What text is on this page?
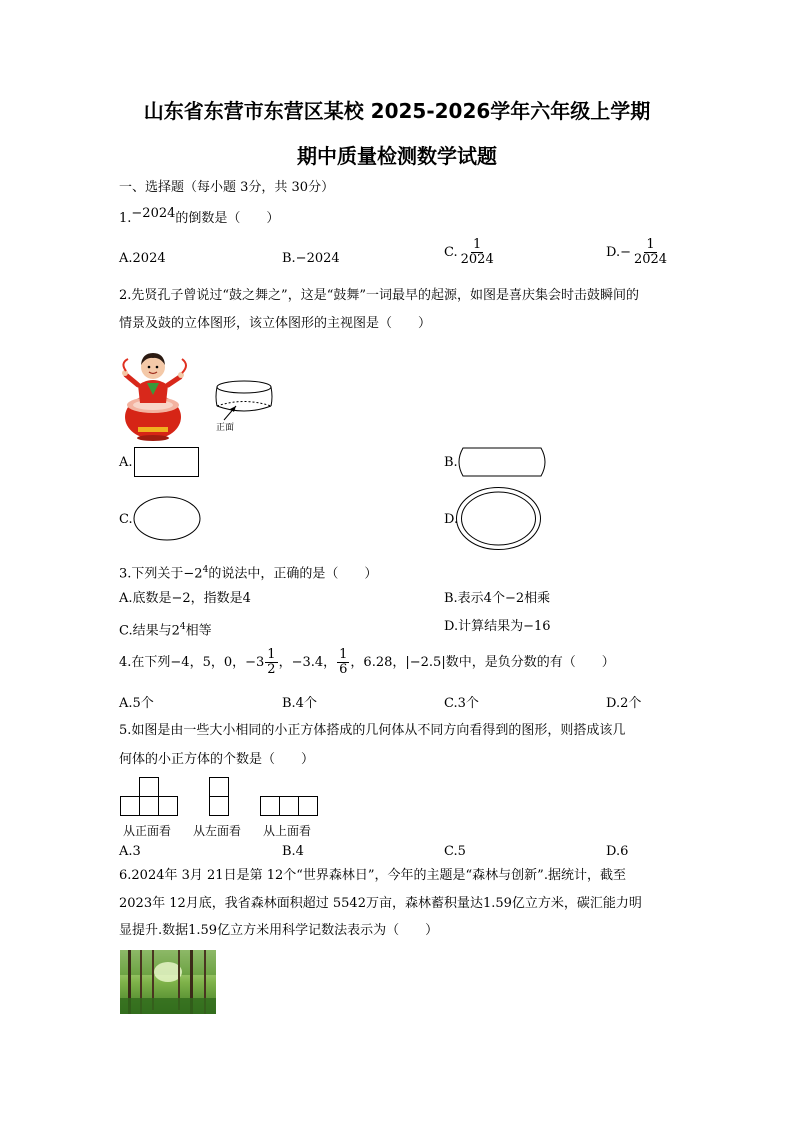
山东省东营市东营区某校 2025-2026学年六年级上学期
期中质量检测数学试题
一、选择题（每小题 3分，共 30分）
1.−2024的倒数是（　　）
A.2024	B.−2024	C. $\frac{1}{2024}$	$D.- \frac{1}{2024}$
2.先贤孔子曾说过“鼓之舞之”，这是“鼓舞”一词最早的起源，如图是喜庆集会时击鼓瞬间的
情景及鼓的立体图形，该立体图形的主视图是（　　）
正面
A.	B.
C.	D.
3.下列关于$-2^4$的说法中，正确的是（　　）
A.底数是−2，指数是4	B.表示4个−2相乘
C.结果与$2^4$相等	D.计算结果为−16
4.在下列−4，5，0， $-3 \frac{1}{2}$ ，−3.4， $\frac{1}{6}$ ，6.28， |−2.5| 数中，是负分数的有（　　）
A.5个	B.4个	C.3个	D.2个
5.如图是由一些大小相同的小正方体搭成的几何体从不同方向看得到的图形，则搭成该几
何体的小正方体的个数是（　　）
从正面看 从左面看 从上面看
A.3	B.4	C.5	D.6
6.2024年 3月 21日是第 12个“世界森林日”，今年的主题是“森林与创新”.据统计，截至
2023年 12月底，我省森林面积超过 5542万亩，森林蓄积量达1.59亿立方米，碳汇能力明
显提升.数据1.59亿立方米用科学记数法表示为（　　）
